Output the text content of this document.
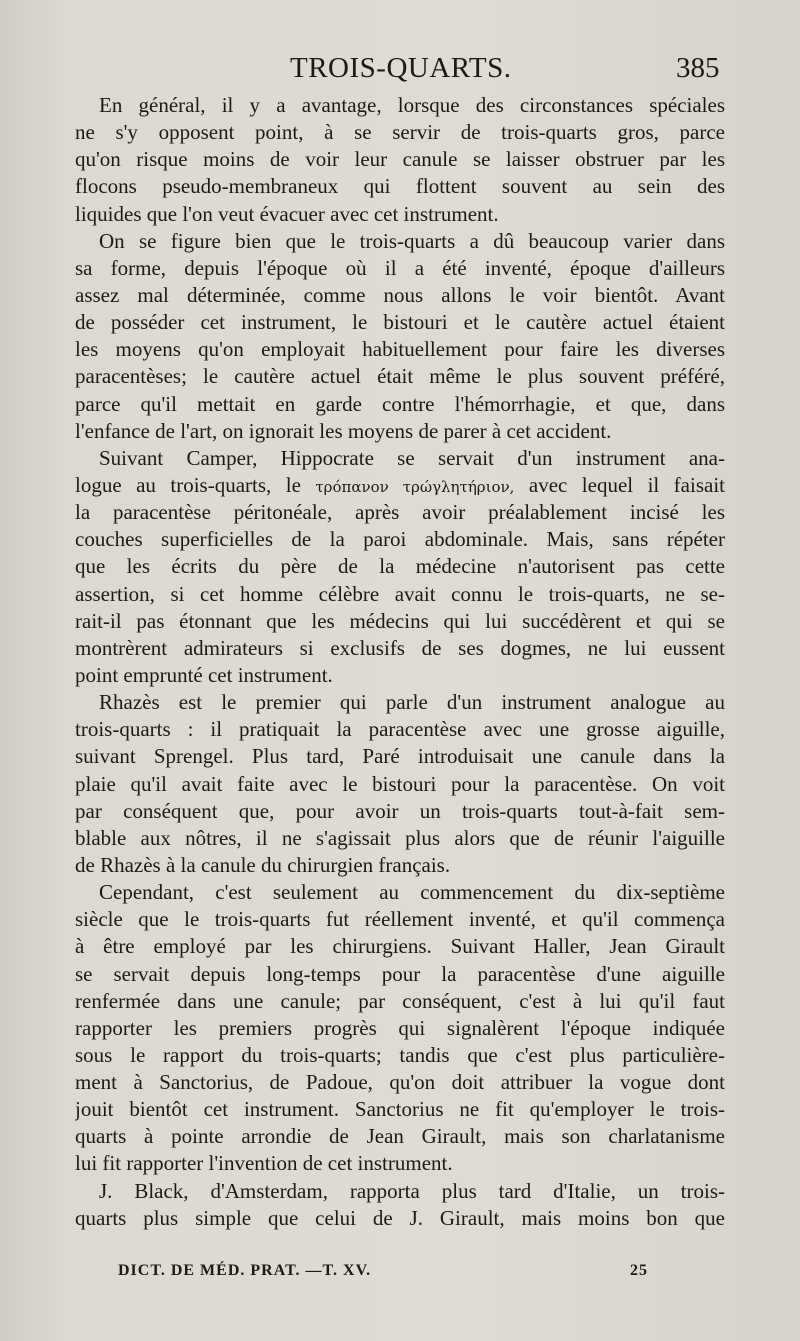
TROIS-QUARTS.	385
En général, il y a avantage, lorsque des circonstances spéciales
ne s'y opposent point, à se servir de trois-quarts gros, parce
qu'on risque moins de voir leur canule se laisser obstruer par les
flocons pseudo-membraneux qui flottent souvent au sein des
liquides que l'on veut évacuer avec cet instrument.
On se figure bien que le trois-quarts a dû beaucoup varier dans
sa forme, depuis l'époque où il a été inventé, époque d'ailleurs
assez mal déterminée, comme nous allons le voir bientôt. Avant
de posséder cet instrument, le bistouri et le cautère actuel étaient
les moyens qu'on employait habituellement pour faire les diverses
paracentèses; le cautère actuel était même le plus souvent préféré,
parce qu'il mettait en garde contre l'hémorrhagie, et que, dans
l'enfance de l'art, on ignorait les moyens de parer à cet accident.
Suivant Camper, Hippocrate se servait d'un instrument ana-
logue au trois-quarts, le τρόπανον τρώγλητήριον, avec lequel il faisait
la paracentèse péritonéale, après avoir préalablement incisé les
couches superficielles de la paroi abdominale. Mais, sans répéter
que les écrits du père de la médecine n'autorisent pas cette
assertion, si cet homme célèbre avait connu le trois-quarts, ne se-
rait-il pas étonnant que les médecins qui lui succédèrent et qui se
montrèrent admirateurs si exclusifs de ses dogmes, ne lui eussent
point emprunté cet instrument.
Rhazès est le premier qui parle d'un instrument analogue au
trois-quarts : il pratiquait la paracentèse avec une grosse aiguille,
suivant Sprengel. Plus tard, Paré introduisait une canule dans la
plaie qu'il avait faite avec le bistouri pour la paracentèse. On voit
par conséquent que, pour avoir un trois-quarts tout-à-fait sem-
blable aux nôtres, il ne s'agissait plus alors que de réunir l'aiguille
de Rhazès à la canule du chirurgien français.
Cependant, c'est seulement au commencement du dix-septième
siècle que le trois-quarts fut réellement inventé, et qu'il commença
à être employé par les chirurgiens. Suivant Haller, Jean Girault
se servait depuis long-temps pour la paracentèse d'une aiguille
renfermée dans une canule; par conséquent, c'est à lui qu'il faut
rapporter les premiers progrès qui signalèrent l'époque indiquée
sous le rapport du trois-quarts; tandis que c'est plus particulière-
ment à Sanctorius, de Padoue, qu'on doit attribuer la vogue dont
jouit bientôt cet instrument. Sanctorius ne fit qu'employer le trois-
quarts à pointe arrondie de Jean Girault, mais son charlatanisme
lui fit rapporter l'invention de cet instrument.
J. Black, d'Amsterdam, rapporta plus tard d'Italie, un trois-
quarts plus simple que celui de J. Girault, mais moins bon que
DICT. DE MÉD. PRAT. —T. XV.	25
